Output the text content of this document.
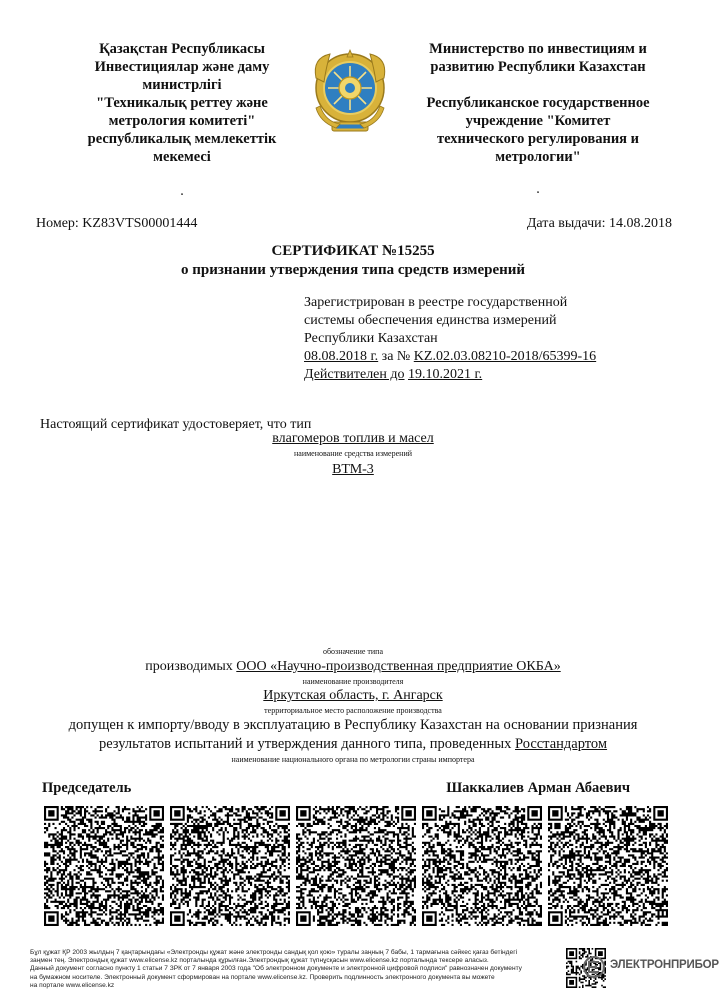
Қазақстан Республикасы
Инвестициялар және даму
министрлігі
"Техникалық реттеу және
метрология комитеті"
республикалық мемлекеттік
мекемесі
.
Министерство по инвестициям и
развитию Республики Казахстан
Республиканское государственное
учреждение "Комитет
технического регулирования и
метрологии"
.
Номер: KZ83VTS00001444	Дата выдачи: 14.08.2018
СЕРТИФИКАТ №15255
о признании утверждения типа средств измерений
Зарегистрирован в реестре государственной
системы обеспечения единства измерений
Республики Казахстан
08.08.2018 г. за № KZ.02.03.08210-2018/65399-16
Действителен до 19.10.2021 г.
Настоящий сертификат удостоверяет, что тип
влагомеров топлив и масел
наименование средства измерений
ВТМ-3
обозначение типа
производимых ООО «Научно-производственная предприятие ОКБА»
наименование производителя
Иркутская область, г. Ангарск
территориальное место расположение производства
допущен к импорту/вводу в эксплуатацию в Республику Казахстан на основании признания
результатов испытаний и утверждения данного типа, проведенных Росстандартом
наименование национального органа по метрологии страны импортера
Председатель	Шаккалиев Арман Абаевич
Бұл құжат ҚР 2003 жылдың 7 қаңтарындағы «Электронды құжат және электронды сандық қол қою» туралы заңның 7 бабы, 1 тармағына сәйкес қағаз бетіндегі
заңмен тең. Электрондық құжат www.elicense.kz порталында құрылған.Электрондық құжат түпнұсқасын www.elicense.kz порталында тексере аласыз.
Данный документ согласно пункту 1 статьи 7 ЗРК от 7 января 2003 года "Об электронном документе и электронной цифровой подписи" равнозначен документу
на бумажном носителе. Электронный документ сформирован на портале www.elicense.kz. Проверить подлинность электронного документа вы можете
на портале www.elicense.kz
ЭЛЕКТРОНПРИБОР
